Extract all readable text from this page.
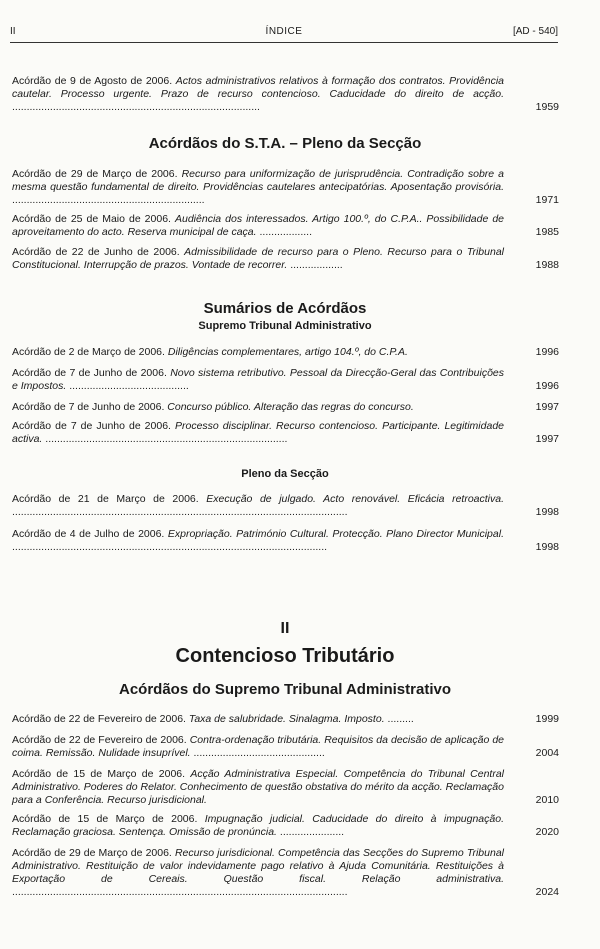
II	ÍNDICE	[AD - 540]
Acórdão de 9 de Agosto de 2006. Actos administrativos relativos à formação dos contratos. Providência cautelar. Processo urgente. Prazo de recurso contencioso. Caducidade do direito de acção. .....................................................................................	1959
Acórdãos do S.T.A. – Pleno da Secção
Acórdão de 29 de Março de 2006. Recurso para uniformização de jurisprudência. Contradição sobre a mesma questão fundamental de direito. Providências cautelares antecipatórias. Aposentação provisória. ..................................................................	1971
Acórdão de 25 de Maio de 2006. Audiência dos interessados. Artigo 100.º, do C.P.A.. Possibilidade de aproveitamento do acto. Reserva municipal de caça. ..................	1985
Acórdão de 22 de Junho de 2006. Admissibilidade de recurso para o Pleno. Recurso para o Tribunal Constitucional. Interrupção de prazos. Vontade de recorrer. ..................	1988
Sumários de Acórdãos
Supremo Tribunal Administrativo
Acórdão de 2 de Março de 2006. Diligências complementares, artigo 104.º, do C.P.A.	1996
Acórdão de 7 de Junho de 2006. Novo sistema retributivo. Pessoal da Direcção-Geral das Contribuições e Impostos. .........................................	1996
Acórdão de 7 de Junho de 2006. Concurso público. Alteração das regras do concurso.	1997
Acórdão de 7 de Junho de 2006. Processo disciplinar. Recurso contencioso. Participante. Legitimidade activa. ...................................................................................	1997
Pleno da Secção
Acórdão de 21 de Março de 2006. Execução de julgado. Acto renovável. Eficácia retroactiva. ...................................................................................................................	1998
Acórdão de 4 de Julho de 2006. Expropriação. Património Cultural. Protecção. Plano Director Municipal. ............................................................................................................	1998
II
Contencioso Tributário
Acórdãos do Supremo Tribunal Administrativo
Acórdão de 22 de Fevereiro de 2006. Taxa de salubridade. Sinalagma. Imposto. .........	1999
Acórdão de 22 de Fevereiro de 2006. Contra-ordenação tributária. Requisitos da decisão de aplicação de coima. Remissão. Nulidade insuprível. .............................................	2004
Acórdão de 15 de Março de 2006. Acção Administrativa Especial. Competência do Tribunal Central Administrativo. Poderes do Relator. Conhecimento de questão obstativa do mérito da acção. Reclamação para a Conferência. Recurso jurisdicional.	2010
Acórdão de 15 de Março de 2006. Impugnação judicial. Caducidade do direito à impugnação. Reclamação graciosa. Sentença. Omissão de pronúncia. ......................	2020
Acórdão de 29 de Março de 2006. Recurso jurisdicional. Competência das Secções do Supremo Tribunal Administrativo. Restituição de valor indevidamente pago relativo à Ajuda Comunitária. Restituições à Exportação de Cereais. Questão fiscal. Relação administrativa. ...................................................................................................................	2024
